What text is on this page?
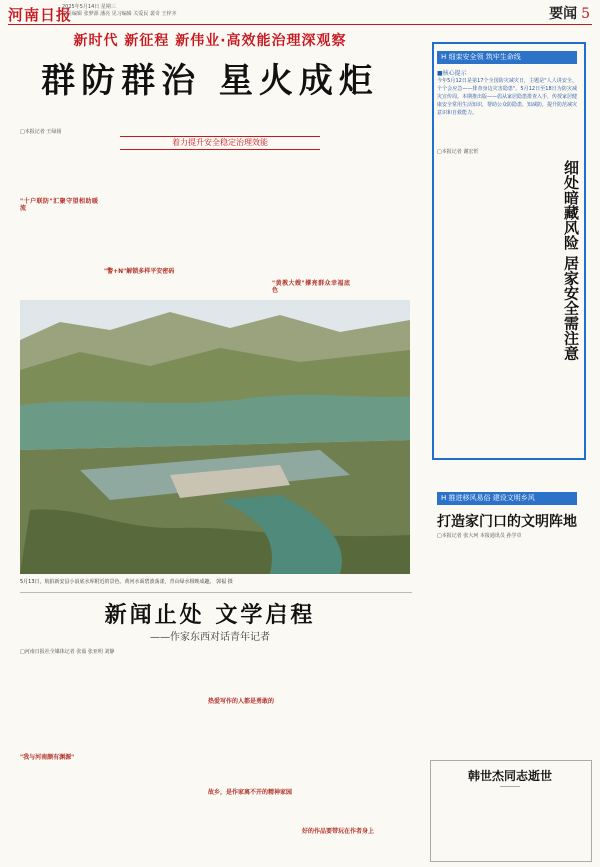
河南日报
2025年5月14日 星期三
责任编辑 张梦源 潘亮 见习编辑 关爱民 裴奇 王梓齐	要闻 5
新时代 新征程 新伟业·高效能治理深观察
群防群治 星火成炬
□本报记者 王绿扬
着力提升安全稳定治理效能
"十户联防"汇聚守望相助暖流
"警+N"解锁多样平安密码
"黄教大嫂"撑亮群众幸福底色
5月13日，航拍新安县小浪底水库附近的景色。黄河水面碧波荡漾，青山绿水相映成趣。 郭福 摄
新闻止处 文学启程
——作家东西对话青年记者
□河南日报社全媒体记者 张茹 张亚明 刘静
"我与河南颇有渊源"
热爱写作的人都是勇敢的
故乡，是作家离不开的精神家园
好的作品要带玩在作者身上
H 细栾安全领 筑牢生命线
■核心提示
今年5月12日是第17个全国防灾减灾日，主题是"人人讲安全、个个会应急——排查身边灾害隐患"。5月12日至18日为防灾减灾宣传周。本期推出版——倡从家居隐患排查入手，传授家居健康安全常用生活知识，帮助公众防隐患，知减防，提升防范减灾意识和自救能力。
□本报记者 谢宏忻
细处暗藏风险 居家安全需注意
H 推进移风易俗 建设文明乡风
打造家门口的文明阵地
□本报记者 张大珂 本报通讯员 孙学卓
韩世杰同志逝世
